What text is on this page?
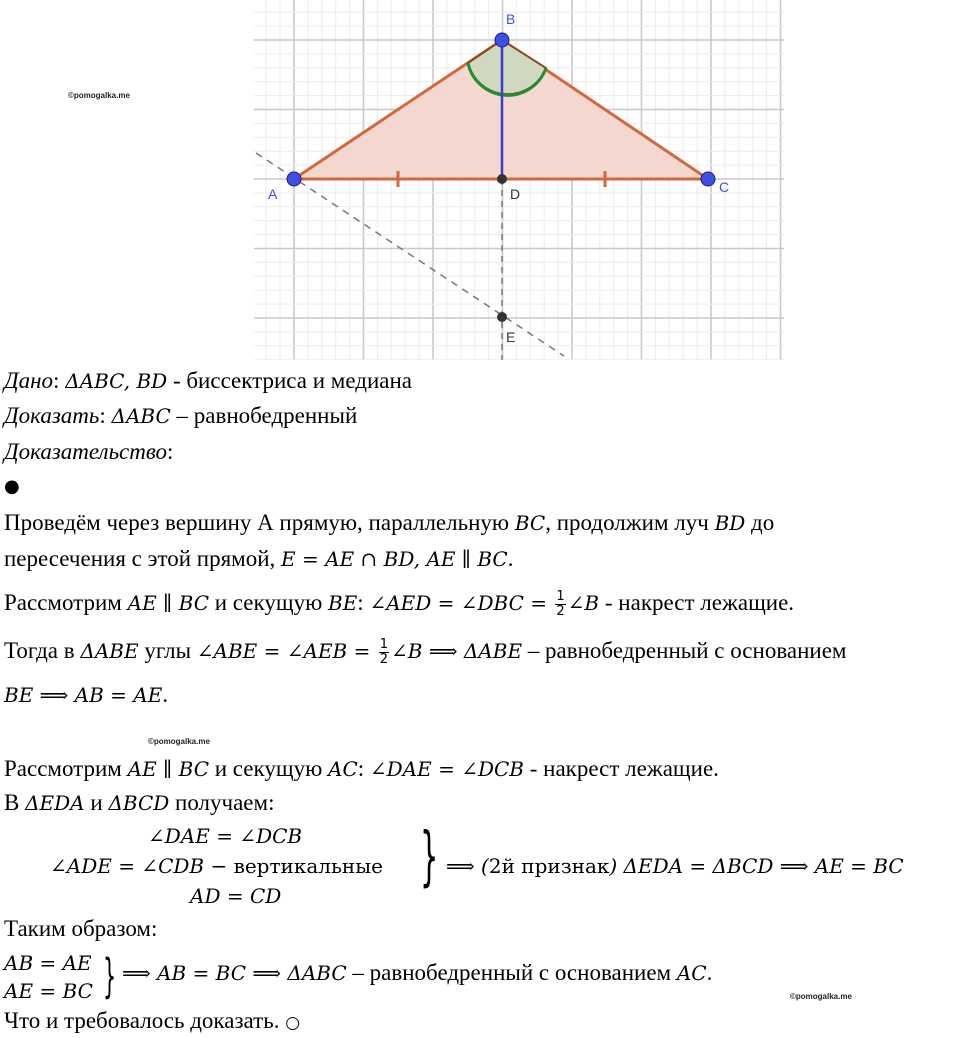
A
B
C
D
E
©pomogalka.me
Дано: ΔABC, BD - биссектриса и медиана
Доказать: ΔABC – равнобедренный
Доказательство:
●
Проведём через вершину А прямую, параллельную BC, продолжим луч BD до
пересечения с этой прямой, E = AE ∩ BD, AE ∥ BC.
Рассмотрим AE ∥ BC и секущую BE: ∠AED = ∠DBC = $\frac{1}{2}$ ∠B - накрест лежащие.
Тогда в ΔABE углы ∠ABE = ∠AEB = $\frac{1}{2}$ ∠B ⟹ ΔABE – равнобедренный с основанием
BE ⟹ AB = AE.
©pomogalka.me
Рассмотрим AE ∥ BC и секущую AC: ∠DAE = ∠DCB - накрест лежащие.
В ΔEDA и ΔBCD получаем:
∠DAE = ∠DCB
∠ADE = ∠CDB − вертикальные
AD = CD
} ⟹ (2й признак) ΔEDA = ΔBCD ⟹ AE = BC
Таким образом:
AB = AE
AE = BC } ⟹ AB = BC ⟹ ΔABC – равнобедренный с основанием AC.
©pomogalka.me
Что и требовалось доказать. ○
